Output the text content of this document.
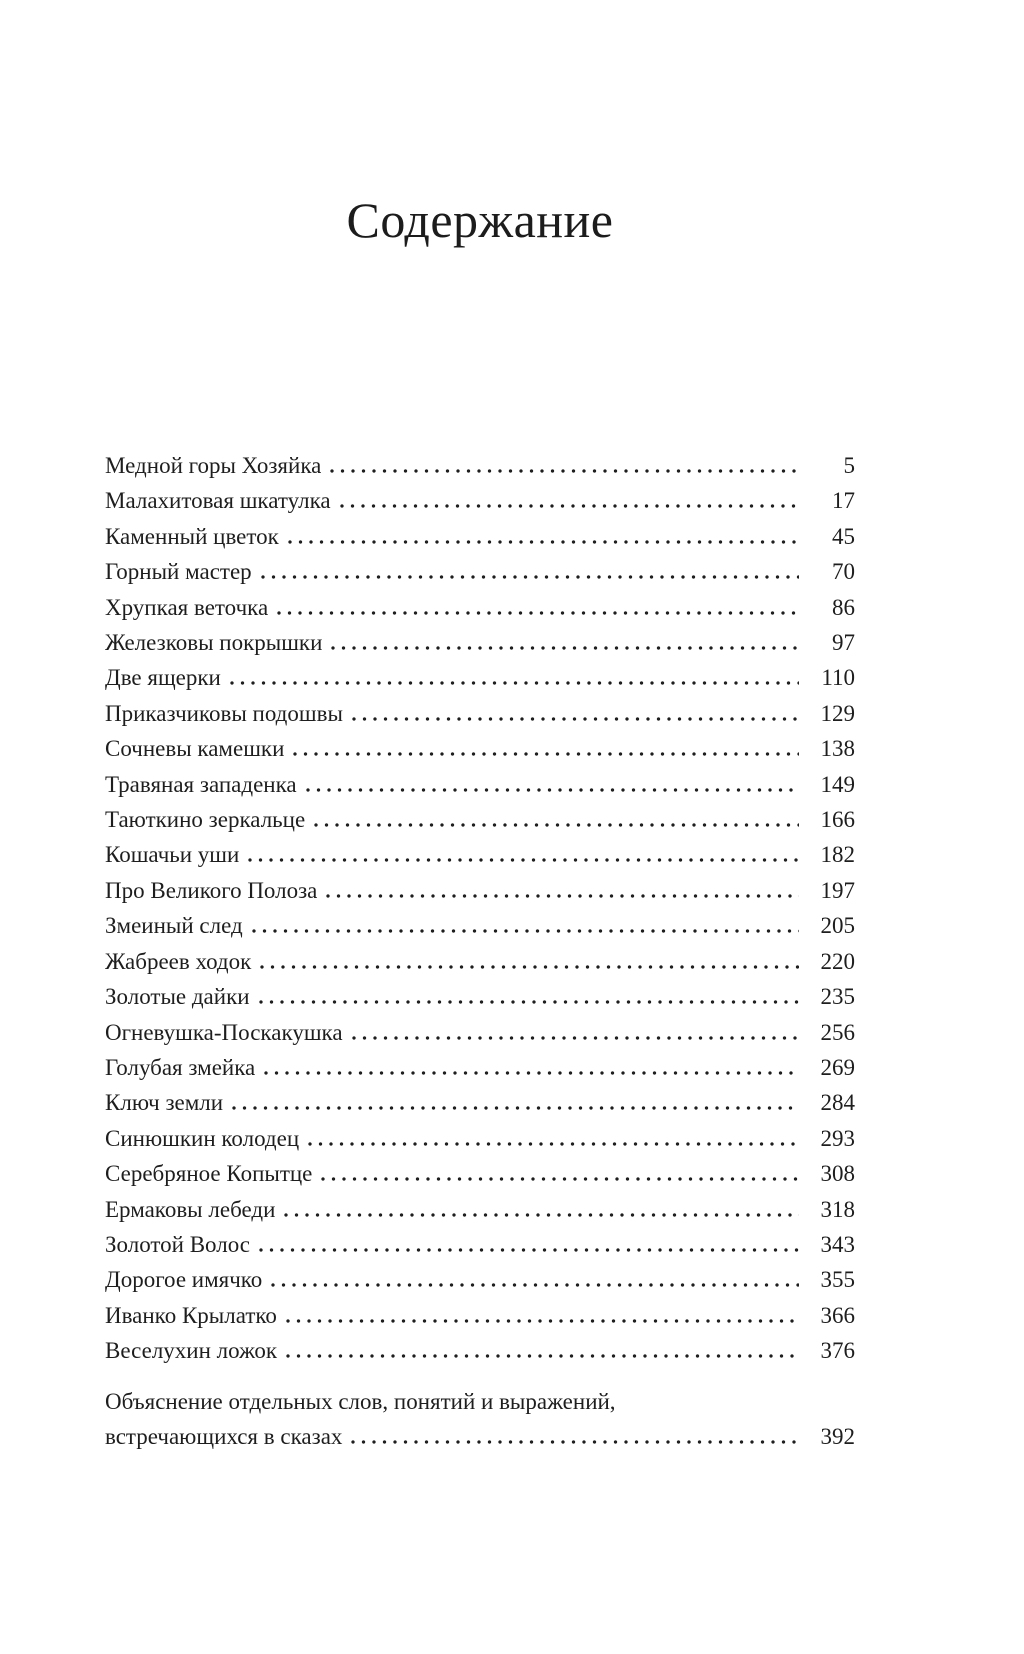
Содержание
Медной горы Хозяйка	5
Малахитовая шкатулка	17
Каменный цветок	45
Горный мастер	70
Хрупкая веточка	86
Железковы покрышки	97
Две ящерки	110
Приказчиковы подошвы	129
Сочневы камешки	138
Травяная западенка	149
Таюткино зеркальце	166
Кошачьи уши	182
Про Великого Полоза	197
Змеиный след	205
Жабреев ходок	220
Золотые дайки	235
Огневушка-Поскакушка	256
Голубая змейка	269
Ключ земли	284
Синюшкин колодец	293
Серебряное Копытце	308
Ермаковы лебеди	318
Золотой Волос	343
Дорогое имячко	355
Иванко Крылатко	366
Веселухин ложок	376
Объяснение отдельных слов, понятий и выражений,
встречающихся в сказах	392
